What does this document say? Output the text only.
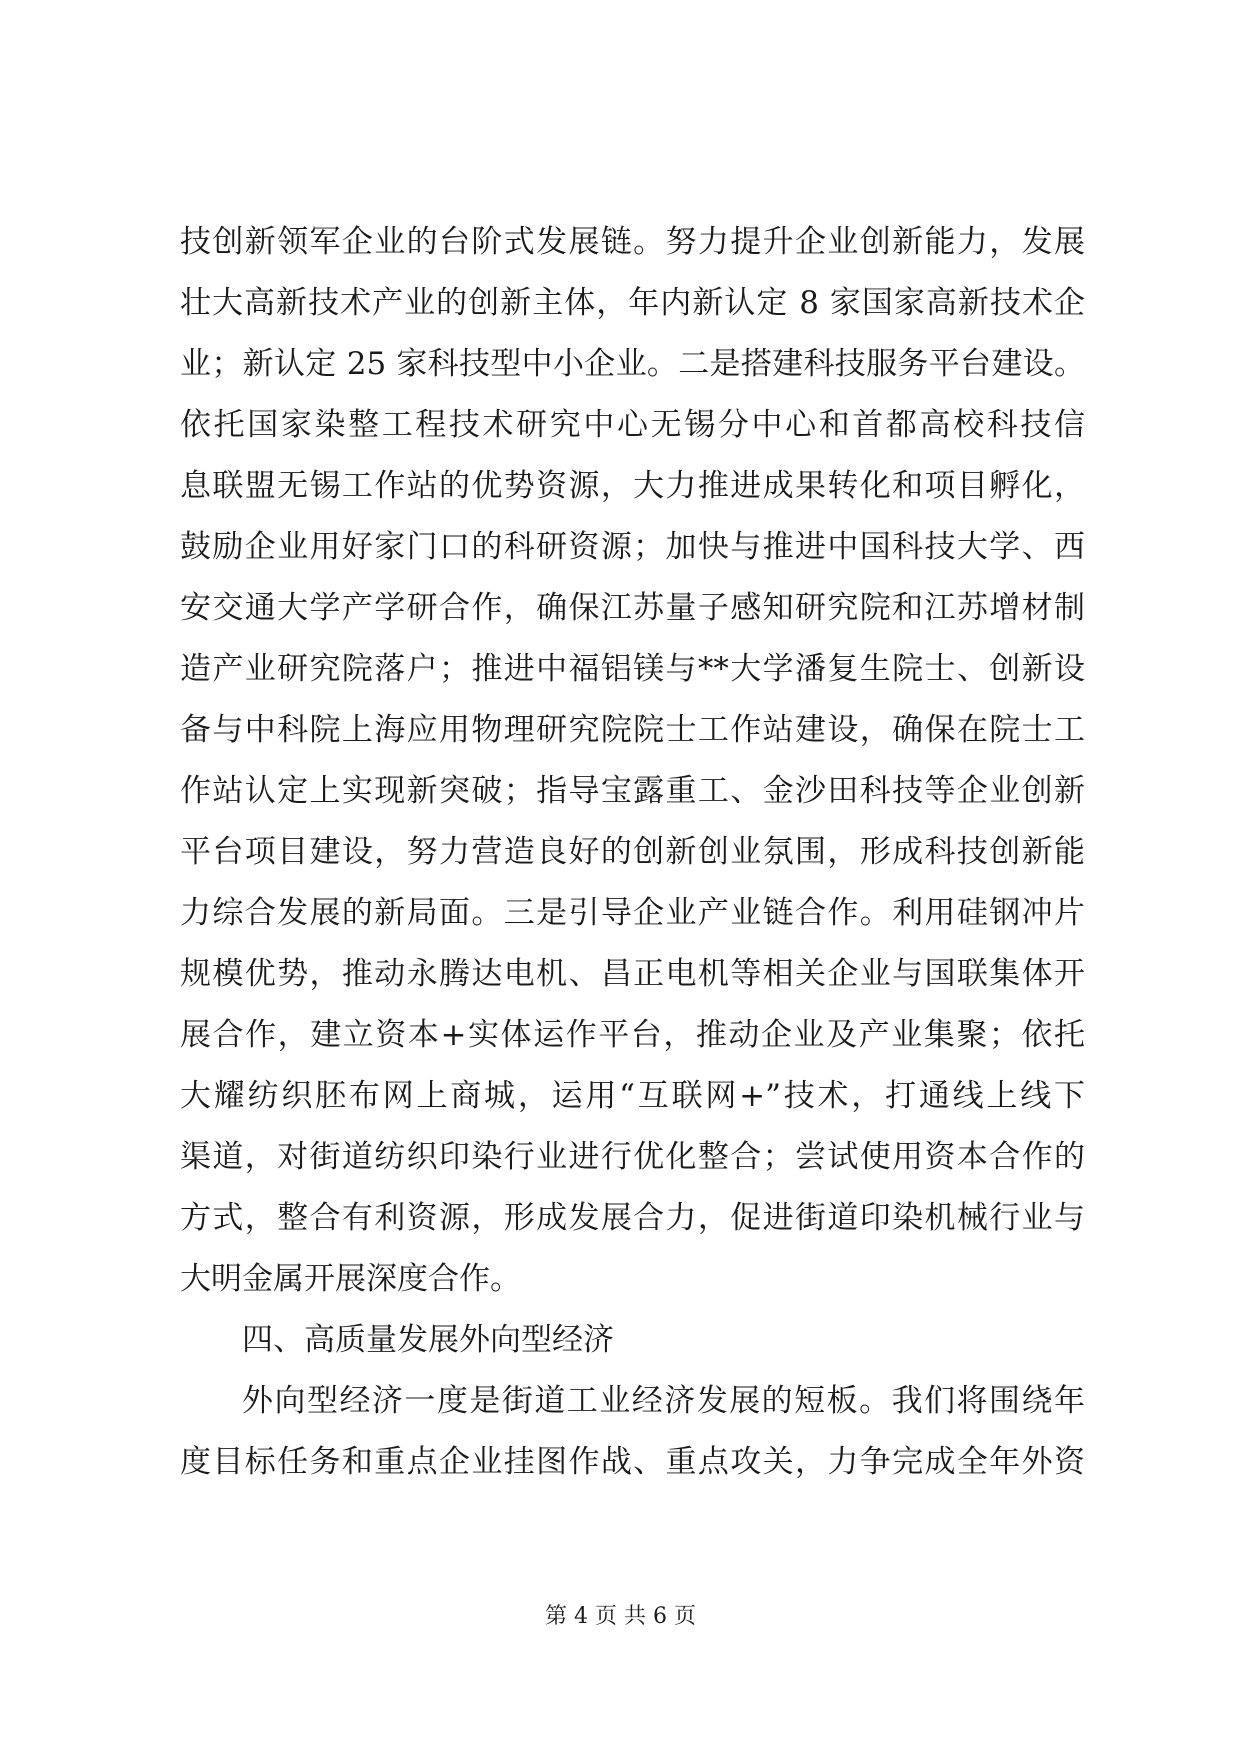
技创新领军企业的台阶式发展链。努力提升企业创新能力，发展
壮大高新技术产业的创新主体，年内新认定 8 家国家高新技术企
业；新认定 25 家科技型中小企业。二是搭建科技服务平台建设。
依托国家染整工程技术研究中心无锡分中心和首都高校科技信
息联盟无锡工作站的优势资源，大力推进成果转化和项目孵化，
鼓励企业用好家门口的科研资源；加快与推进中国科技大学、西
安交通大学产学研合作，确保江苏量子感知研究院和江苏增材制
造产业研究院落户；推进中福铝镁与**大学潘复生院士、创新设
备与中科院上海应用物理研究院院士工作站建设，确保在院士工
作站认定上实现新突破；指导宝露重工、金沙田科技等企业创新
平台项目建设，努力营造良好的创新创业氛围，形成科技创新能
力综合发展的新局面。三是引导企业产业链合作。利用硅钢冲片
规模优势，推动永腾达电机、昌正电机等相关企业与国联集体开
展合作，建立资本+实体运作平台，推动企业及产业集聚；依托
大耀纺织胚布网上商城，运用“互联网+”技术，打通线上线下
渠道，对街道纺织印染行业进行优化整合；尝试使用资本合作的
方式，整合有利资源，形成发展合力，促进街道印染机械行业与
大明金属开展深度合作。
四、高质量发展外向型经济
外向型经济一度是街道工业经济发展的短板。我们将围绕年
度目标任务和重点企业挂图作战、重点攻关，力争完成全年外资
第 4 页 共 6 页
